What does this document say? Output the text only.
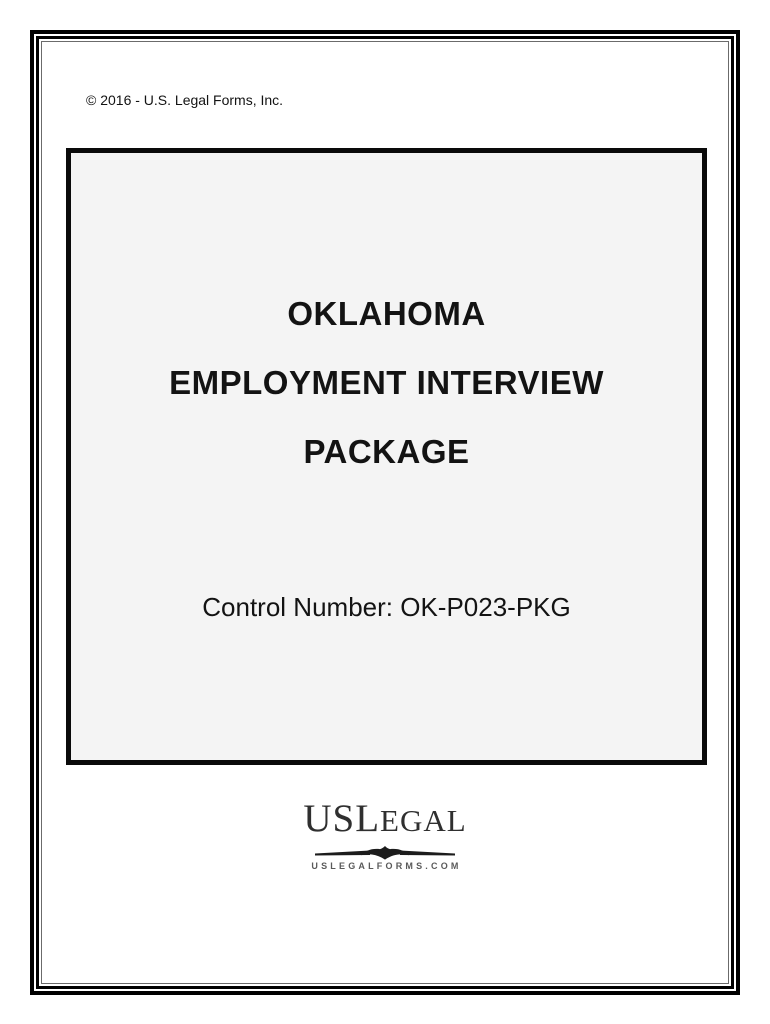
© 2016 - U.S. Legal Forms, Inc.
OKLAHOMA
EMPLOYMENT INTERVIEW
PACKAGE
Control Number: OK-P023-PKG
USLEGAL
USLEGALFORMS.COM
